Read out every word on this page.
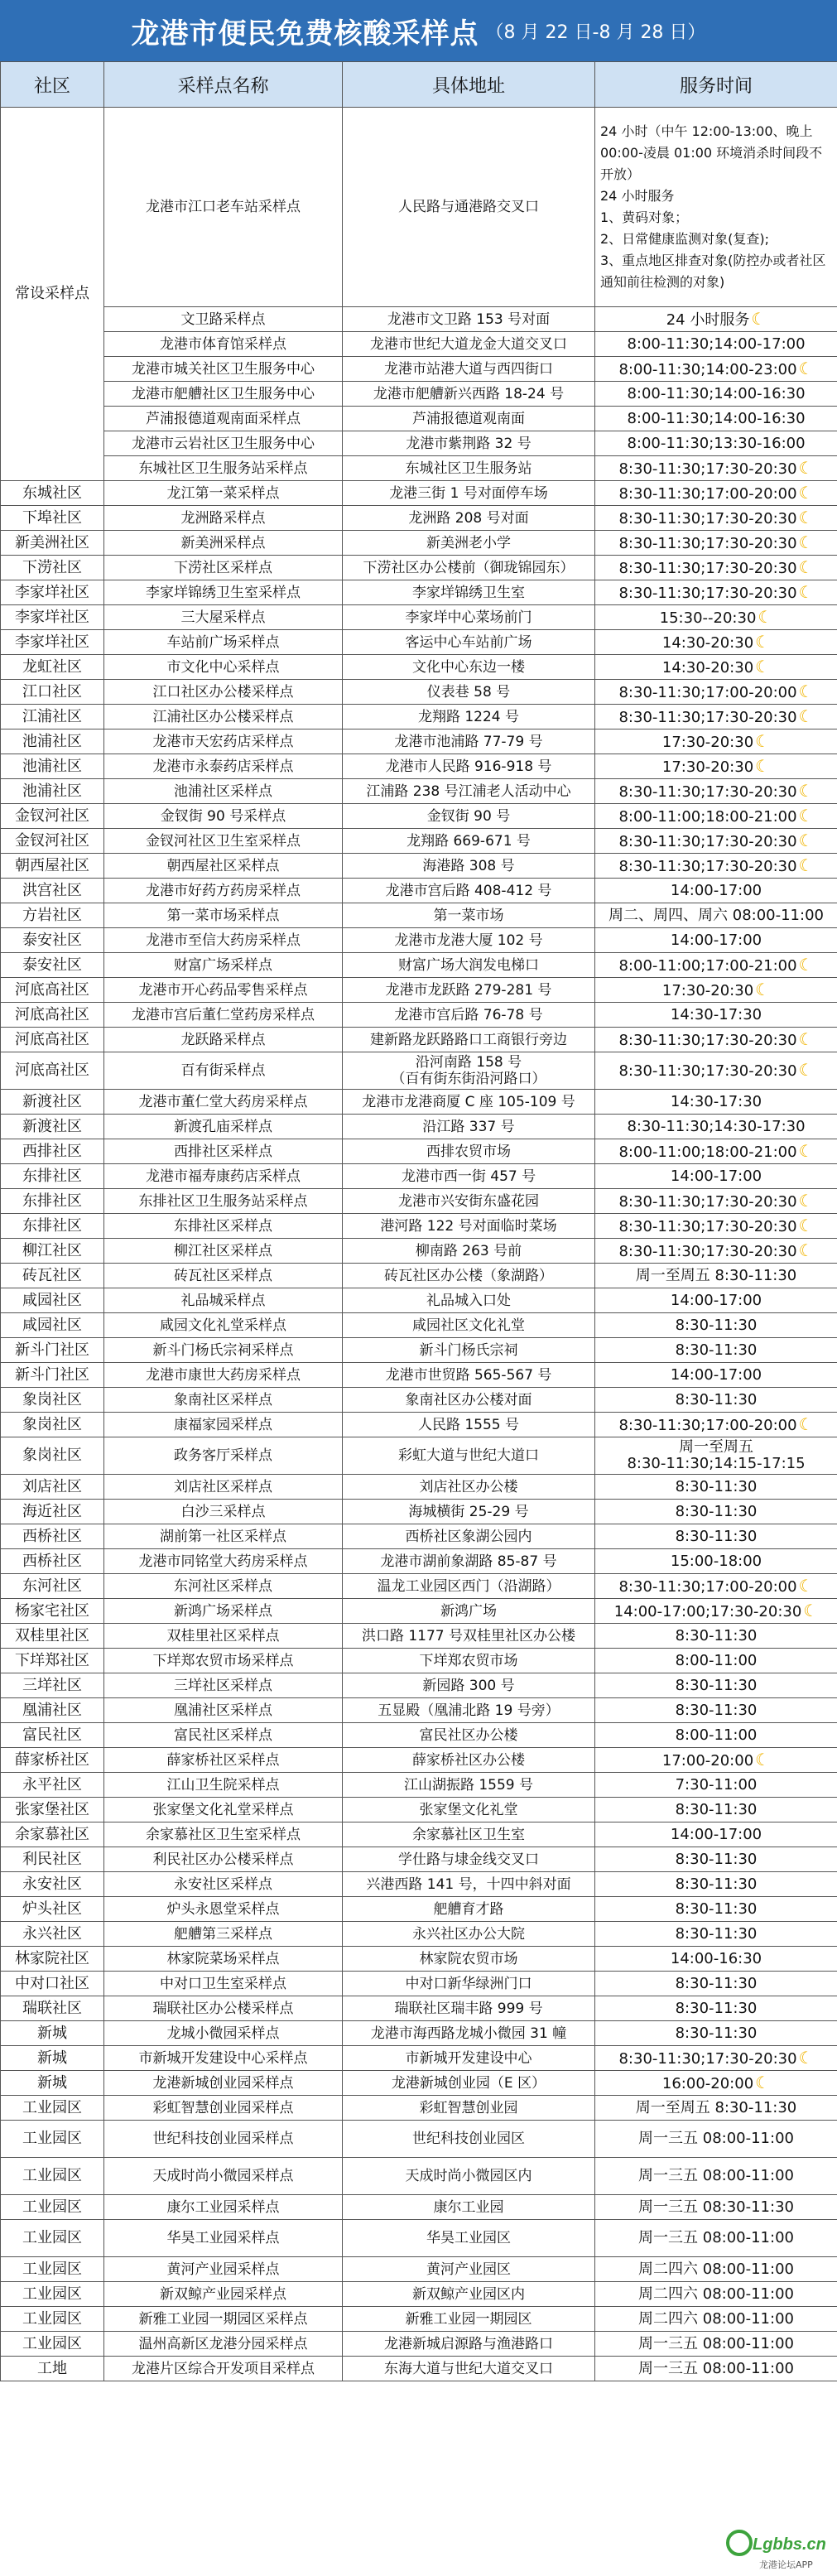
龙港市便民免费核酸采样点 （8 月 22 日-8 月 28 日）
社区	采样点名称	具体地址	服务时间
常设采样点	龙港市江口老车站采样点	人民路与通港路交叉口	24 小时（中午 12:00-13:00、晚上 00:00-凌晨 01:00 环境消杀时间段不开放）
24 小时服务
1、黄码对象；
2、日常健康监测对象(复查);
3、重点地区排查对象(防控办或者社区通知前往检测的对象)

	文卫路采样点	龙港市文卫路 153 号对面	24 小时服务 ☾
	龙港市体育馆采样点	龙港市世纪大道龙金大道交叉口	8:00-11:30;14:00-17:00
	龙港市城关社区卫生服务中心	龙港市站港大道与西四街口	8:00-11:30;14:00-23:00 ☾
	龙港市舥艚社区卫生服务中心	龙港市舥艚新兴西路 18-24 号	8:00-11:30;14:00-16:30
	芦浦报德道观南面采样点	芦浦报德道观南面	8:00-11:30;14:00-16:30
	龙港市云岩社区卫生服务中心	龙港市紫荆路 32 号	8:00-11:30;13:30-16:00
	东城社区卫生服务站采样点	东城社区卫生服务站	8:30-11:30;17:30-20:30 ☾
东城社区	龙江第一菜采样点	龙港三街 1 号对面停车场	8:30-11:30;17:00-20:00 ☾
下埠社区	龙洲路采样点	龙洲路 208 号对面	8:30-11:30;17:30-20:30 ☾
新美洲社区	新美洲采样点	新美洲老小学	8:30-11:30;17:30-20:30 ☾
下涝社区	下涝社区采样点	下涝社区办公楼前（御珑锦园东）	8:30-11:30;17:30-20:30 ☾
李家垟社区	李家垟锦绣卫生室采样点	李家垟锦绣卫生室	8:30-11:30;17:30-20:30 ☾
李家垟社区	三大屋采样点	李家垟中心菜场前门	15:30--20:30 ☾
李家垟社区	车站前广场采样点	客运中心车站前广场	14:30-20:30 ☾
龙虹社区	市文化中心采样点	文化中心东边一楼	14:30-20:30 ☾
江口社区	江口社区办公楼采样点	仪表巷 58 号	8:30-11:30;17:00-20:00 ☾
江浦社区	江浦社区办公楼采样点	龙翔路 1224 号	8:30-11:30;17:30-20:30 ☾
池浦社区	龙港市天宏药店采样点	龙港市池浦路 77-79 号	17:30-20:30 ☾
池浦社区	龙港市永泰药店采样点	龙港市人民路 916-918 号	17:30-20:30 ☾
池浦社区	池浦社区采样点	江浦路 238 号江浦老人活动中心	8:30-11:30;17:30-20:30 ☾
金钗河社区	金钗街 90 号采样点	金钗街 90 号	8:00-11:00;18:00-21:00 ☾
金钗河社区	金钗河社区卫生室采样点	龙翔路 669-671 号	8:30-11:30;17:30-20:30 ☾
朝西屋社区	朝西屋社区采样点	海港路 308 号	8:30-11:30;17:30-20:30 ☾
洪宫社区	龙港市好药方药房采样点	龙港市宫后路 408-412 号	14:00-17:00
方岩社区	第一菜市场采样点	第一菜市场	周二、周四、周六 08:00-11:00
泰安社区	龙港市至信大药房采样点	龙港市龙港大厦 102 号	14:00-17:00
泰安社区	财富广场采样点	财富广场大润发电梯口	8:00-11:00;17:00-21:00 ☾
河底高社区	龙港市开心药品零售采样点	龙港市龙跃路 279-281 号	17:30-20:30 ☾
河底高社区	龙港市宫后董仁堂药房采样点	龙港市宫后路 76-78 号	14:30-17:30
河底高社区	龙跃路采样点	建新路龙跃路路口工商银行旁边	8:30-11:30;17:30-20:30 ☾
河底高社区	百有街采样点	沿河南路 158 号
（百有街东街沿河路口）	8:30-11:30;17:30-20:30 ☾
新渡社区	龙港市董仁堂大药房采样点	龙港市龙港商厦 C 座 105-109 号	14:30-17:30
新渡社区	新渡孔庙采样点	沿江路 337 号	8:30-11:30;14:30-17:30
西排社区	西排社区采样点	西排农贸市场	8:00-11:00;18:00-21:00 ☾
东排社区	龙港市福寿康药店采样点	龙港市西一街 457 号	14:00-17:00
东排社区	东排社区卫生服务站采样点	龙港市兴安街东盛花园	8:30-11:30;17:30-20:30 ☾
东排社区	东排社区采样点	港河路 122 号对面临时菜场	8:30-11:30;17:30-20:30 ☾
柳江社区	柳江社区采样点	柳南路 263 号前	8:30-11:30;17:30-20:30 ☾
砖瓦社区	砖瓦社区采样点	砖瓦社区办公楼（象湖路）	周一至周五 8:30-11:30
咸园社区	礼品城采样点	礼品城入口处	14:00-17:00
咸园社区	咸园文化礼堂采样点	咸园社区文化礼堂	8:30-11:30
新斗门社区	新斗门杨氏宗祠采样点	新斗门杨氏宗祠	8:30-11:30
新斗门社区	龙港市康世大药房采样点	龙港市世贸路 565-567 号	14:00-17:00
象岗社区	象南社区采样点	象南社区办公楼对面	8:30-11:30
象岗社区	康福家园采样点	人民路 1555 号	8:30-11:30;17:00-20:00 ☾
象岗社区	政务客厅采样点	彩虹大道与世纪大道口	周一至周五
8:30-11:30;14:15-17:15
刘店社区	刘店社区采样点	刘店社区办公楼	8:30-11:30
海近社区	白沙三采样点	海城横街 25-29 号	8:30-11:30
西桥社区	湖前第一社区采样点	西桥社区象湖公园内	8:30-11:30
西桥社区	龙港市同铭堂大药房采样点	龙港市湖前象湖路 85-87 号	15:00-18:00
东河社区	东河社区采样点	温龙工业园区西门（沿湖路）	8:30-11:30;17:00-20:00 ☾
杨家宅社区	新鸿广场采样点	新鸿广场	14:00-17:00;17:30-20:30 ☾
双桂里社区	双桂里社区采样点	洪口路 1177 号双桂里社区办公楼	8:30-11:30
下垟郑社区	下垟郑农贸市场采样点	下垟郑农贸市场	8:00-11:00
三垟社区	三垟社区采样点	新园路 300 号	8:30-11:30
凰浦社区	凰浦社区采样点	五显殿（凰浦北路 19 号旁）	8:30-11:30
富民社区	富民社区采样点	富民社区办公楼	8:00-11:00
薛家桥社区	薛家桥社区采样点	薛家桥社区办公楼	17:00-20:00 ☾
永平社区	江山卫生院采样点	江山湖振路 1559 号	7:30-11:00
张家堡社区	张家堡文化礼堂采样点	张家堡文化礼堂	8:30-11:30
余家慕社区	余家慕社区卫生室采样点	余家慕社区卫生室	14:00-17:00
利民社区	利民社区办公楼采样点	学仕路与埭金线交叉口	8:30-11:30
永安社区	永安社区采样点	兴港西路 141 号，十四中斜对面	8:30-11:30
炉头社区	炉头永恩堂采样点	舥艚育才路	8:30-11:30
永兴社区	舥艚第三采样点	永兴社区办公大院	8:30-11:30
林家院社区	林家院菜场采样点	林家院农贸市场	14:00-16:30
中对口社区	中对口卫生室采样点	中对口新华绿洲门口	8:30-11:30
瑞联社区	瑞联社区办公楼采样点	瑞联社区瑞丰路 999 号	8:30-11:30
新城	龙城小微园采样点	龙港市海西路龙城小微园 31 幢	8:30-11:30
新城	市新城开发建设中心采样点	市新城开发建设中心	8:30-11:30;17:30-20:30 ☾
新城	龙港新城创业园采样点	龙港新城创业园（E 区）	16:00-20:00 ☾
工业园区	彩虹智慧创业园采样点	彩虹智慧创业园	周一至周五 8:30-11:30
工业园区	世纪科技创业园采样点	世纪科技创业园区	周一三五 08:00-11:00
工业园区	天成时尚小微园采样点	天成时尚小微园区内	周一三五 08:00-11:00
工业园区	康尔工业园采样点	康尔工业园	周一三五 08:30-11:30
工业园区	华昊工业园采样点	华昊工业园区	周一三五 08:00-11:00
工业园区	黄河产业园采样点	黄河产业园区	周二四六 08:00-11:00
工业园区	新双鲸产业园采样点	新双鲸产业园区内	周二四六 08:00-11:00
工业园区	新雅工业园一期园区采样点	新雅工业园一期园区	周二四六 08:00-11:00
工业园区	温州高新区龙港分园采样点	龙港新城启源路与渔港路口	周一三五 08:00-11:00
工地	龙港片区综合开发项目采样点	东海大道与世纪大道交叉口	周一三五 08:00-11:00
Lgbbs.cn
龙港论坛APP
